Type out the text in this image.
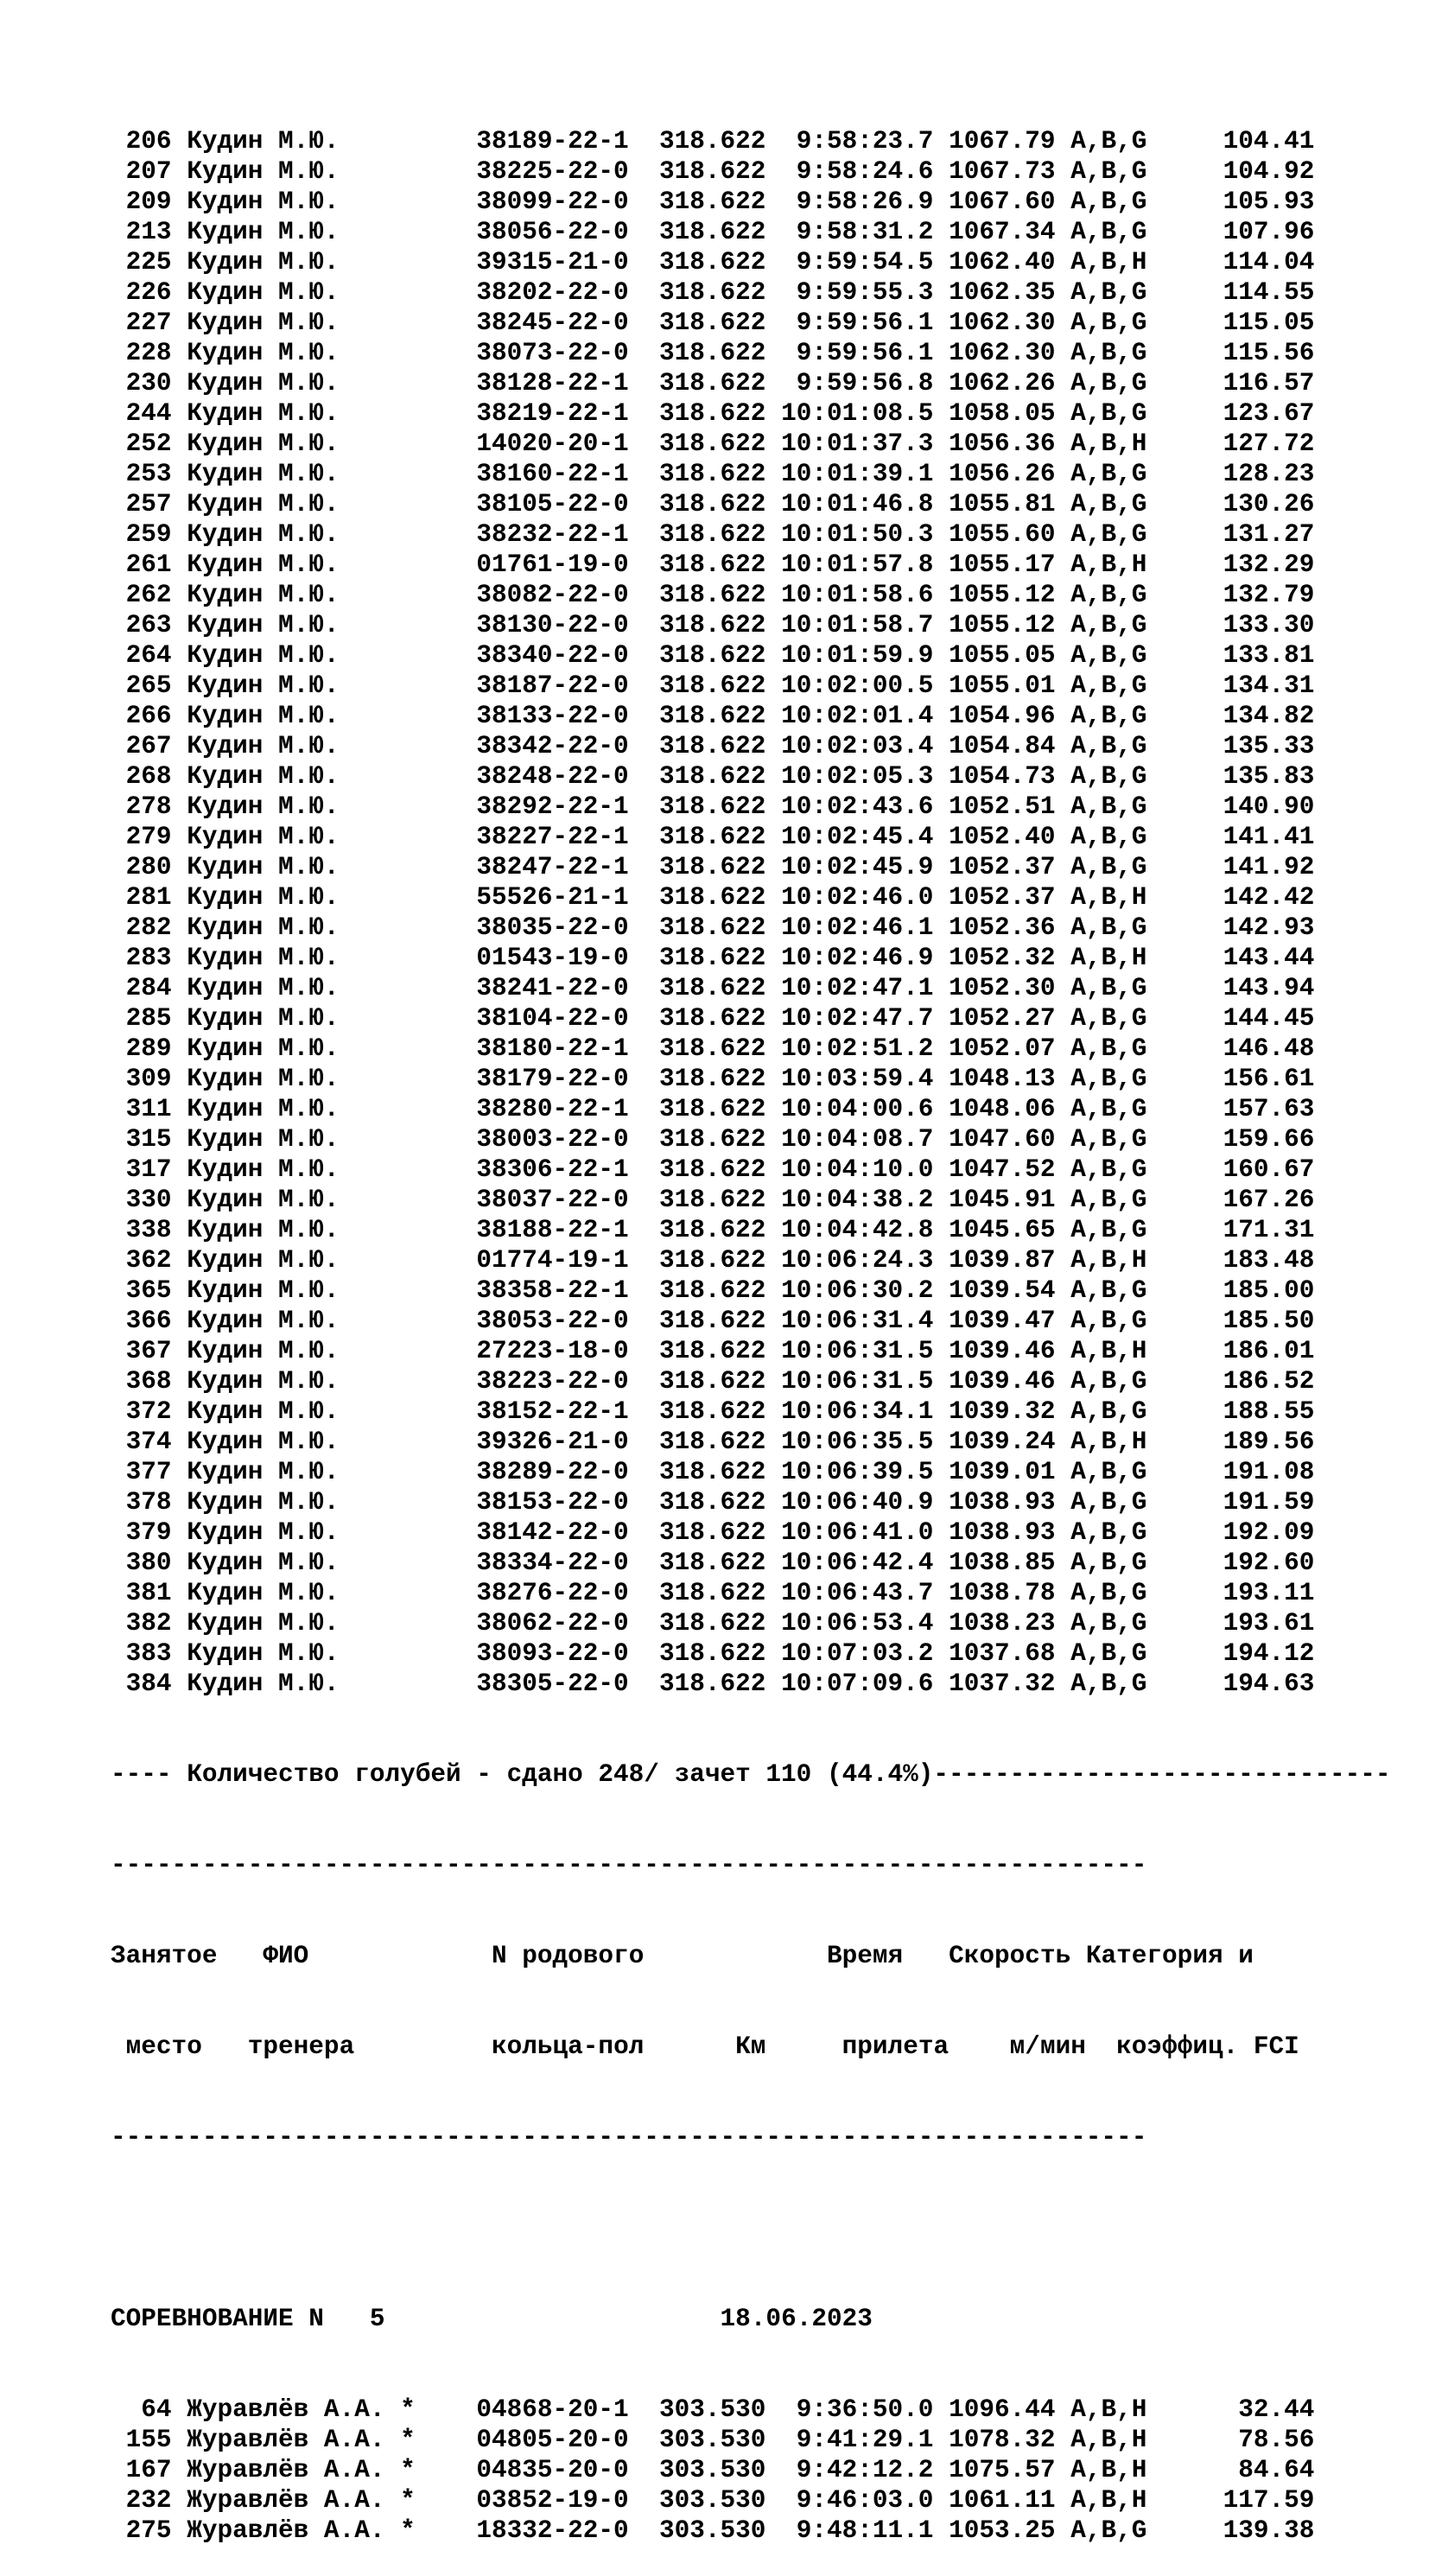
206 Кудин М.Ю.	38189-22-1  318.622  9:58:23.7 1067.79 A,B,G     104.41
207 Кудин М.Ю.	38225-22-0  318.622  9:58:24.6 1067.73 A,B,G     104.92
209 Кудин М.Ю.	38099-22-0  318.622  9:58:26.9 1067.60 A,B,G     105.93
213 Кудин М.Ю.	38056-22-0  318.622  9:58:31.2 1067.34 A,B,G     107.96
225 Кудин М.Ю.	39315-21-0  318.622  9:59:54.5 1062.40 A,B,H     114.04
226 Кудин М.Ю.	38202-22-0  318.622  9:59:55.3 1062.35 A,B,G     114.55
227 Кудин М.Ю.	38245-22-0  318.622  9:59:56.1 1062.30 A,B,G     115.05
228 Кудин М.Ю.	38073-22-0  318.622  9:59:56.1 1062.30 A,B,G     115.56
230 Кудин М.Ю.	38128-22-1  318.622  9:59:56.8 1062.26 A,B,G     116.57
244 Кудин М.Ю.	38219-22-1  318.622 10:01:08.5 1058.05 A,B,G     123.67
252 Кудин М.Ю.	14020-20-1  318.622 10:01:37.3 1056.36 A,B,H     127.72
253 Кудин М.Ю.	38160-22-1  318.622 10:01:39.1 1056.26 A,B,G     128.23
257 Кудин М.Ю.	38105-22-0  318.622 10:01:46.8 1055.81 A,B,G     130.26
259 Кудин М.Ю.	38232-22-1  318.622 10:01:50.3 1055.60 A,B,G     131.27
261 Кудин М.Ю.	01761-19-0  318.622 10:01:57.8 1055.17 A,B,H     132.29
262 Кудин М.Ю.	38082-22-0  318.622 10:01:58.6 1055.12 A,B,G     132.79
263 Кудин М.Ю.	38130-22-0  318.622 10:01:58.7 1055.12 A,B,G     133.30
264 Кудин М.Ю.	38340-22-0  318.622 10:01:59.9 1055.05 A,B,G     133.81
265 Кудин М.Ю.	38187-22-0  318.622 10:02:00.5 1055.01 A,B,G     134.31
266 Кудин М.Ю.	38133-22-0  318.622 10:02:01.4 1054.96 A,B,G     134.82
267 Кудин М.Ю.	38342-22-0  318.622 10:02:03.4 1054.84 A,B,G     135.33
268 Кудин М.Ю.	38248-22-0  318.622 10:02:05.3 1054.73 A,B,G     135.83
278 Кудин М.Ю.	38292-22-1  318.622 10:02:43.6 1052.51 A,B,G     140.90
279 Кудин М.Ю.	38227-22-1  318.622 10:02:45.4 1052.40 A,B,G     141.41
280 Кудин М.Ю.	38247-22-1  318.622 10:02:45.9 1052.37 A,B,G     141.92
281 Кудин М.Ю.	55526-21-1  318.622 10:02:46.0 1052.37 A,B,H     142.42
282 Кудин М.Ю.	38035-22-0  318.622 10:02:46.1 1052.36 A,B,G     142.93
283 Кудин М.Ю.	01543-19-0  318.622 10:02:46.9 1052.32 A,B,H     143.44
284 Кудин М.Ю.	38241-22-0  318.622 10:02:47.1 1052.30 A,B,G     143.94
285 Кудин М.Ю.	38104-22-0  318.622 10:02:47.7 1052.27 A,B,G     144.45
289 Кудин М.Ю.	38180-22-1  318.622 10:02:51.2 1052.07 A,B,G     146.48
309 Кудин М.Ю.	38179-22-0  318.622 10:03:59.4 1048.13 A,B,G     156.61
311 Кудин М.Ю.	38280-22-1  318.622 10:04:00.6 1048.06 A,B,G     157.63
315 Кудин М.Ю.	38003-22-0  318.622 10:04:08.7 1047.60 A,B,G     159.66
317 Кудин М.Ю.	38306-22-1  318.622 10:04:10.0 1047.52 A,B,G     160.67
330 Кудин М.Ю.	38037-22-0  318.622 10:04:38.2 1045.91 A,B,G     167.26
338 Кудин М.Ю.	38188-22-1  318.622 10:04:42.8 1045.65 A,B,G     171.31
362 Кудин М.Ю.	01774-19-1  318.622 10:06:24.3 1039.87 A,B,H     183.48
365 Кудин М.Ю.	38358-22-1  318.622 10:06:30.2 1039.54 A,B,G     185.00
366 Кудин М.Ю.	38053-22-0  318.622 10:06:31.4 1039.47 A,B,G     185.50
367 Кудин М.Ю.	27223-18-0  318.622 10:06:31.5 1039.46 A,B,H     186.01
368 Кудин М.Ю.	38223-22-0  318.622 10:06:31.5 1039.46 A,B,G     186.52
372 Кудин М.Ю.	38152-22-1  318.622 10:06:34.1 1039.32 A,B,G     188.55
374 Кудин М.Ю.	39326-21-0  318.622 10:06:35.5 1039.24 A,B,H     189.56
377 Кудин М.Ю.	38289-22-0  318.622 10:06:39.5 1039.01 A,B,G     191.08
378 Кудин М.Ю.	38153-22-0  318.622 10:06:40.9 1038.93 A,B,G     191.59
379 Кудин М.Ю.	38142-22-0  318.622 10:06:41.0 1038.93 A,B,G     192.09
380 Кудин М.Ю.	38334-22-0  318.622 10:06:42.4 1038.85 A,B,G     192.60
381 Кудин М.Ю.	38276-22-0  318.622 10:06:43.7 1038.78 A,B,G     193.11
382 Кудин М.Ю.	38062-22-0  318.622 10:06:53.4 1038.23 A,B,G     193.61
383 Кудин М.Ю.	38093-22-0  318.622 10:07:03.2 1037.68 A,B,G     194.12
384 Кудин М.Ю.	38305-22-0  318.622 10:07:09.6 1037.32 A,B,G     194.63

---- Количество голубей - сдано 248/ зачет 110 (44.4%)------------------------------

--------------------------------------------------------------------

Занятое ФИО	N родового	Время Скорость Категория и

место тренера	кольца-пол	Км	прилета м/мин коэффиц. FCI

--------------------------------------------------------------------

СОРЕВНОВАНИЕ N 5	18.06.2023

64 Журавлёв А.А. *    04868-20-1  303.530  9:36:50.0 1096.44 A,B,H      32.44
155 Журавлёв А.А. *    04805-20-0  303.530  9:41:29.1 1078.32 A,B,H      78.56
167 Журавлёв А.А. *    04835-20-0  303.530  9:42:12.2 1075.57 A,B,H      84.64
232 Журавлёв А.А. *    03852-19-0  303.530  9:46:03.0 1061.11 A,B,H     117.59
275 Журавлёв А.А. *    18332-22-0  303.530  9:48:11.1 1053.25 A,B,G     139.38
